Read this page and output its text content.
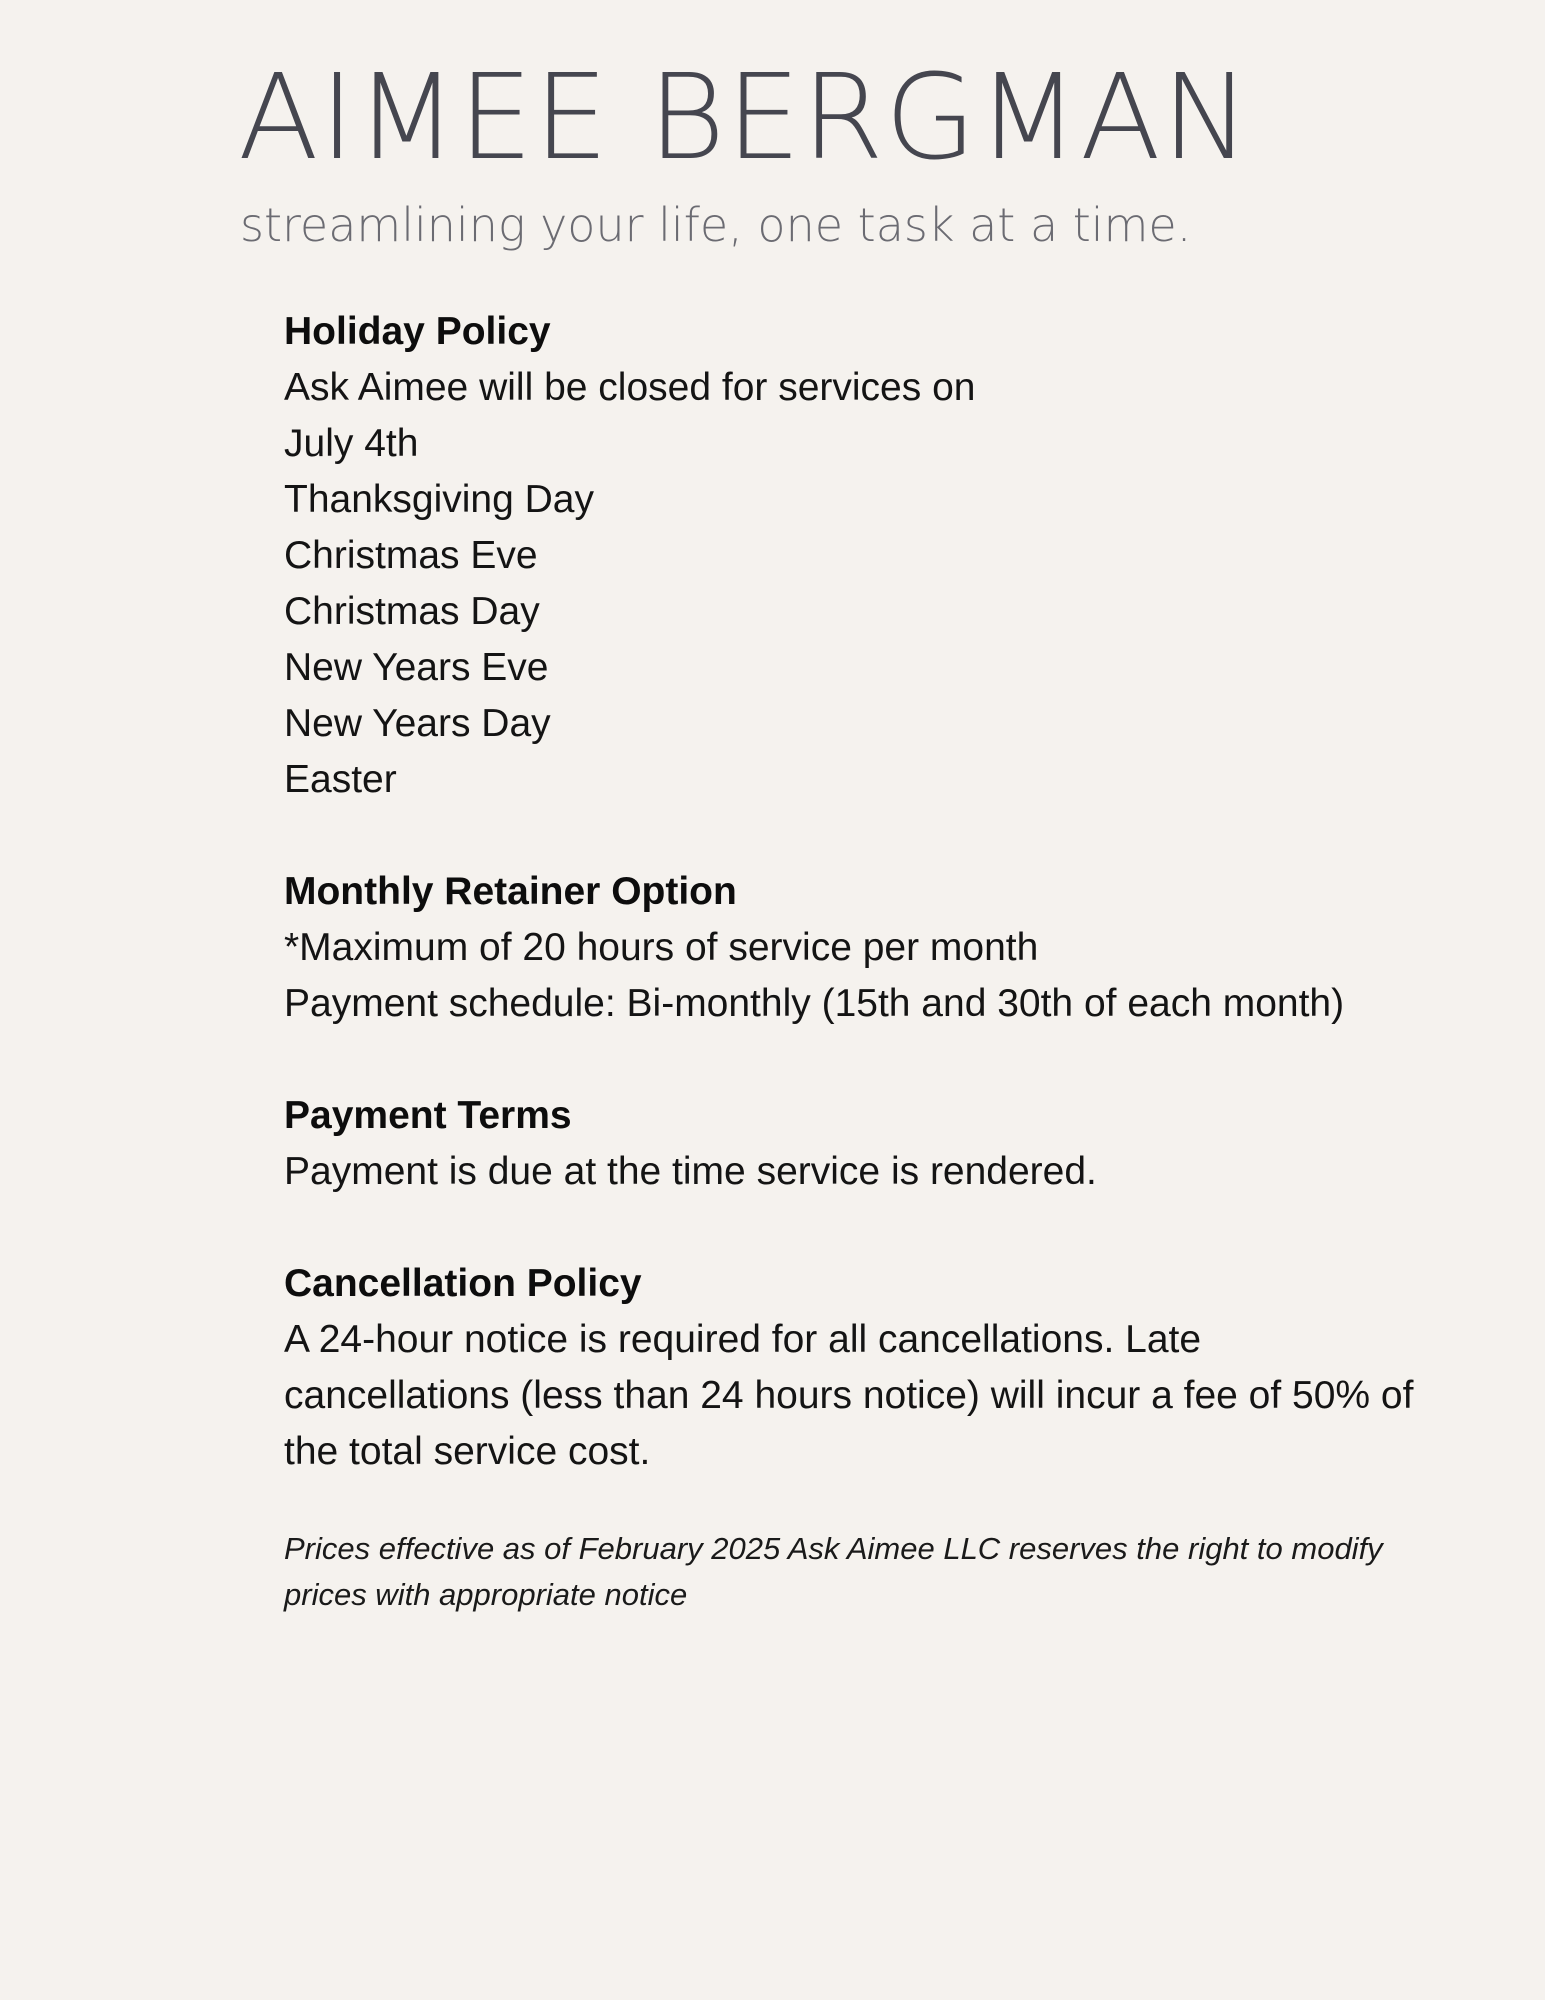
AIMEE BERGMAN

streamlining your life, one task at a time.

Holiday Policy

Ask Aimee will be closed for services on

July 4th

Thanksgiving Day

Christmas Eve

Christmas Day

New Years Eve

New Years Day

Easter

Monthly Retainer Option

*Maximum of 20 hours of service per month

Payment schedule: Bi-monthly (15th and 30th of each month)

Payment Terms

Payment is due at the time service is rendered.

Cancellation Policy

A 24-hour notice is required for all cancellations. Late cancellations (less than 24 hours notice) will incur a fee of 50% of the total service cost.

Prices effective as of February 2025 Ask Aimee LLC reserves the right to modify prices with appropriate notice
